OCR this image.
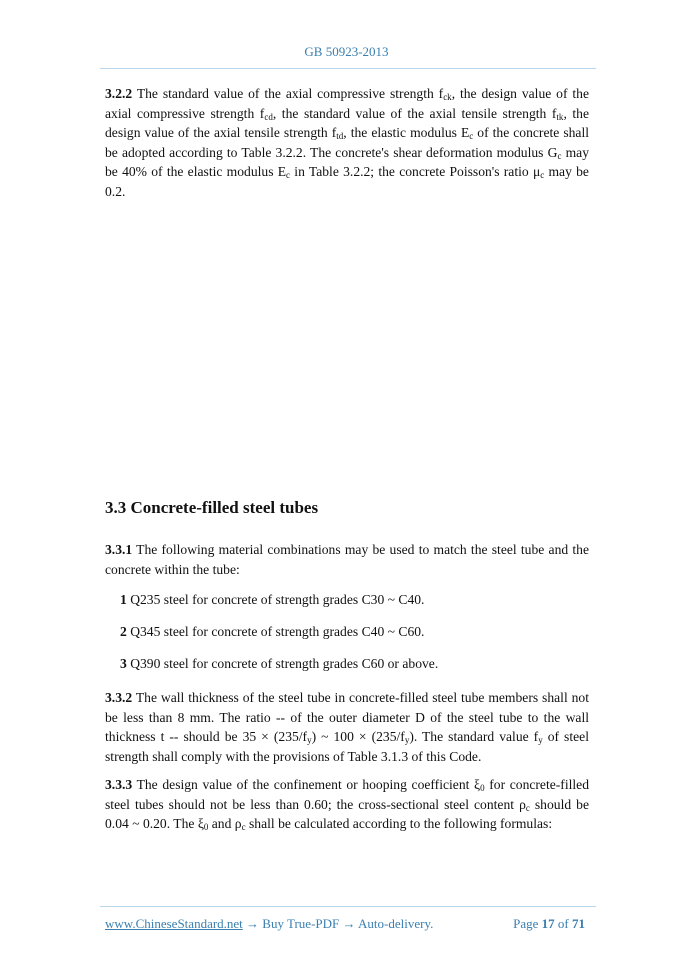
GB 50923-2013
3.2.2 The standard value of the axial compressive strength $f_{ck}$, the design value of the axial compressive strength $f_{cd}$, the standard value of the axial tensile strength $f_{tk}$, the design value of the axial tensile strength $f_{td}$, the elastic modulus $E_c$ of the concrete shall be adopted according to Table 3.2.2. The concrete's shear deformation modulus $G_c$ may be 40% of the elastic modulus $E_c$ in Table 3.2.2; the concrete Poisson's ratio $\mu_c$ may be 0.2.
3.3 Concrete-filled steel tubes
3.3.1 The following material combinations may be used to match the steel tube and the concrete within the tube:
1 Q235 steel for concrete of strength grades C30 ~ C40.
2 Q345 steel for concrete of strength grades C40 ~ C60.
3 Q390 steel for concrete of strength grades C60 or above.
3.3.2 The wall thickness of the steel tube in concrete-filled steel tube members shall not be less than 8 mm. The ratio -- of the outer diameter D of the steel tube to the wall thickness t -- should be $35 \times (235/f_y)$ ~ $100 \times (235/f_y)$. The standard value $f_y$ of steel strength shall comply with the provisions of Table 3.1.3 of this Code.
3.3.3 The design value of the confinement or hooping coefficient $\xi_0$ for concrete-filled steel tubes should not be less than 0.60; the cross-sectional steel content $\rho_c$ should be 0.04 ~ 0.20. The $\xi_0$ and $\rho_c$ shall be calculated according to the following formulas:
www.ChineseStandard.net → Buy True-PDF → Auto-delivery.	Page 17 of 71
